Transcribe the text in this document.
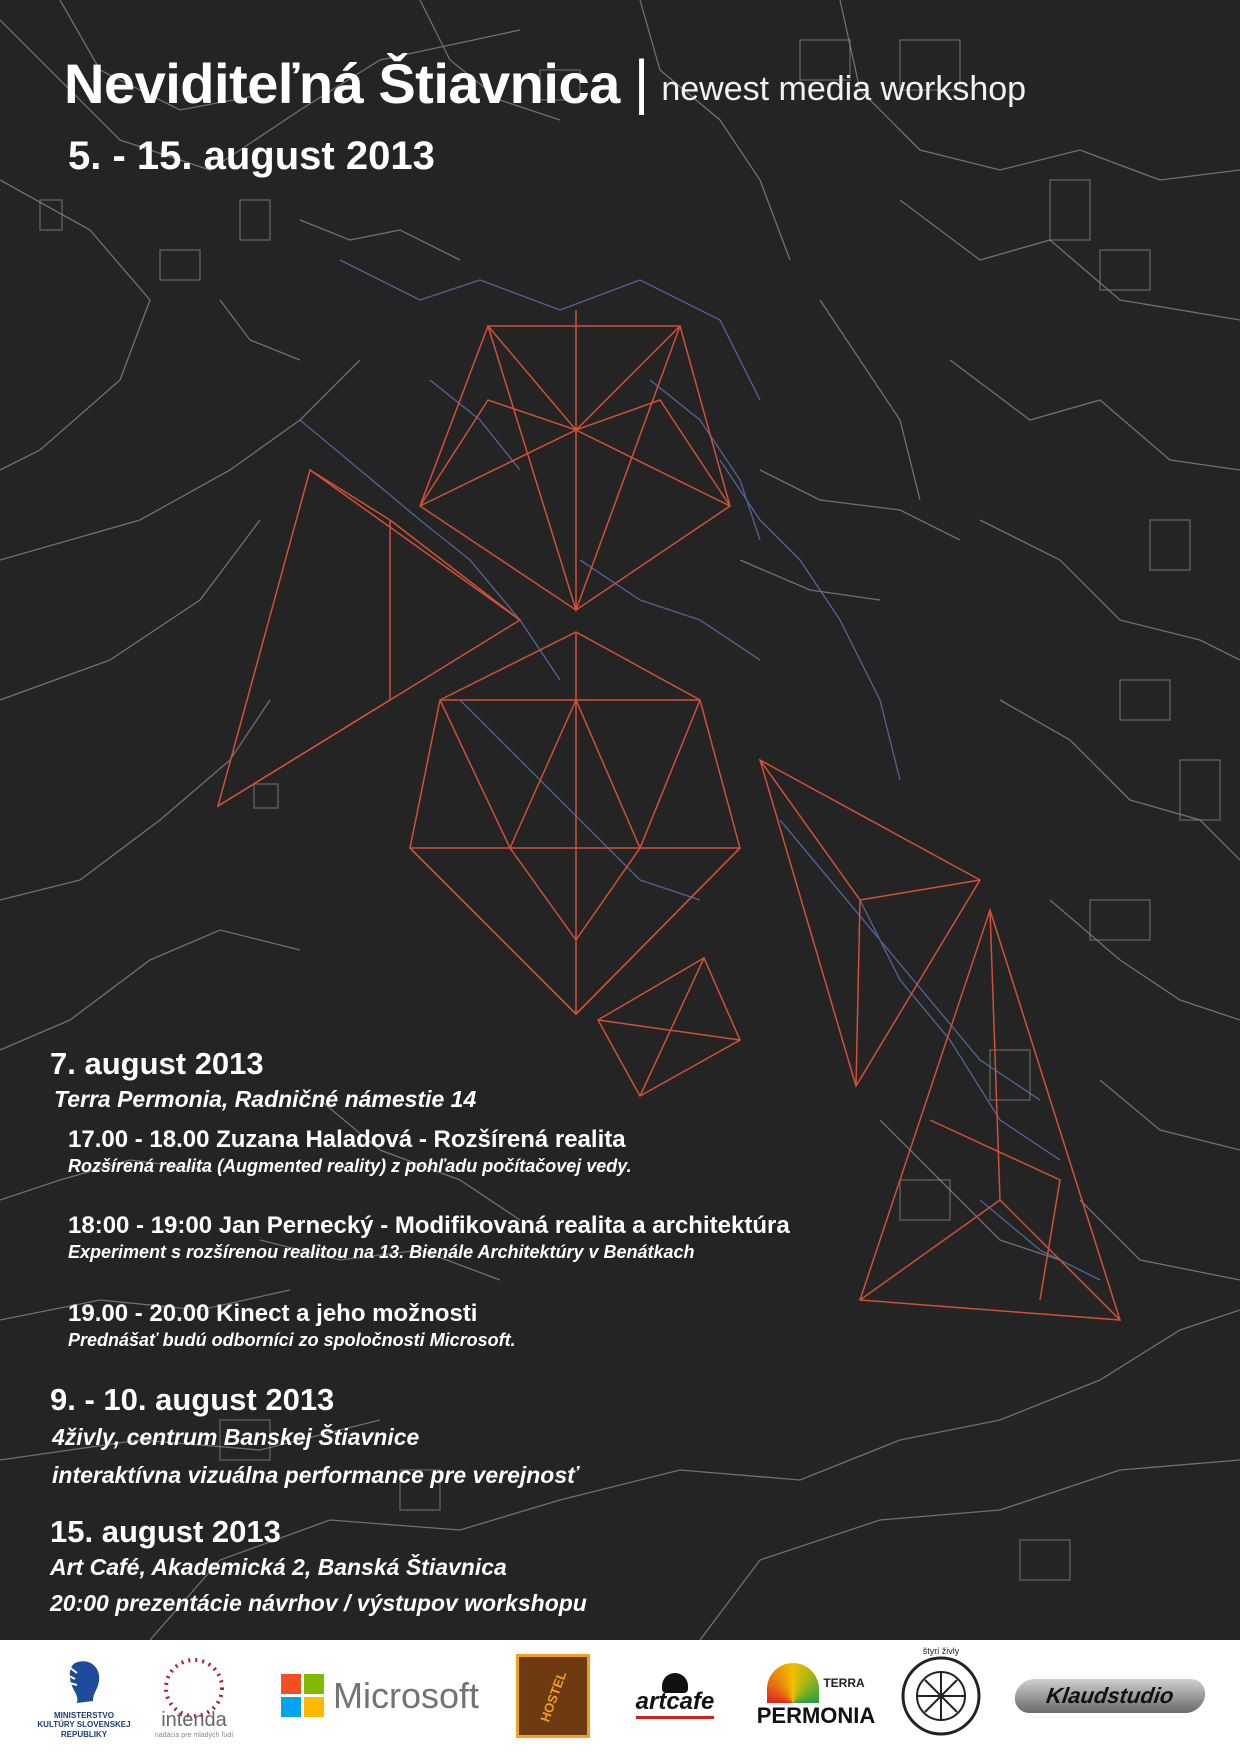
Neviditeľná Štiavnica | newest media workshop
5. - 15. august 2013
7. august 2013
Terra Permonia, Radničné námestie 14
17.00 - 18.00 Zuzana Haladová - Rozšírená realita
Rozšírená realita (Augmented reality) z pohľadu počítačovej vedy.
18:00 - 19:00 Jan Pernecký - Modifikovaná realita a architektúra
Experiment s rozšírenou realitou na 13. Bienále Architektúry v Benátkach
19.00 - 20.00 Kinect a jeho možnosti
Prednášať budú odborníci zo spoločnosti Microsoft.
9. - 10. august 2013
4živly, centrum Banskej Štiavnice
interaktívna vizuálna performance pre verejnosť
15. august 2013
Art Café, Akademická 2, Banská Štiavnica
20:00 prezentácie návrhov / výstupov workshopu
MINISTERSTVO KULTÚRY SLOVENSKEJ REPUBLIKY
intenda
nadácia pre mladých ľudí
Microsoft	HOSTEL	artcafe
TERRA
PERMONIA
štyri živly
Klaudstudio
